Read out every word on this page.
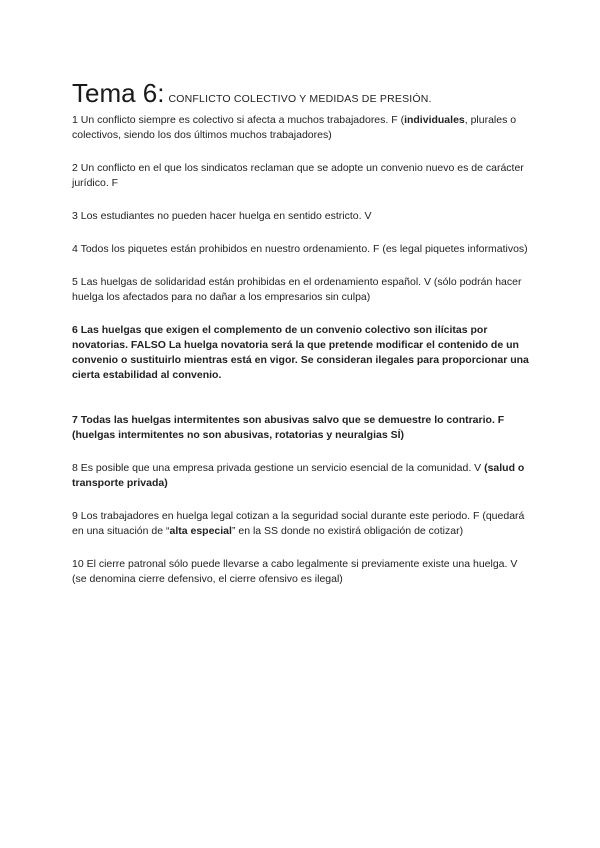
Tema 6: CONFLICTO COLECTIVO Y MEDIDAS DE PRESIÓN.

1 Un conflicto siempre es colectivo si afecta a muchos trabajadores. F (individuales, plurales o colectivos, siendo los dos últimos muchos trabajadores)

2 Un conflicto en el que los sindicatos reclaman que se adopte un convenio nuevo es de carácter jurídico. F

3 Los estudiantes no pueden hacer huelga en sentido estricto. V

4 Todos los piquetes están prohibidos en nuestro ordenamiento. F (es legal piquetes informativos)

5 Las huelgas de solidaridad están prohibidas en el ordenamiento español. V (sólo podrán hacer huelga los afectados para no dañar a los empresarios sin culpa)

6 Las huelgas que exigen el complemento de un convenio colectivo son ilícitas por novatorias. FALSO La huelga novatoria será la que pretende modificar el contenido de un convenio o sustituirlo mientras está en vigor. Se consideran ilegales para proporcionar una cierta estabilidad al convenio.

7 Todas las huelgas intermitentes son abusivas salvo que se demuestre lo contrario. F (huelgas intermitentes no son abusivas, rotatorias y neuralgias SÍ)

8 Es posible que una empresa privada gestione un servicio esencial de la comunidad. V (salud o transporte privada)

9 Los trabajadores en huelga legal cotizan a la seguridad social durante este periodo. F (quedará en una situación de “alta especial” en la SS donde no existirá obligación de cotizar)

10 El cierre patronal sólo puede llevarse a cabo legalmente si previamente existe una huelga. V (se denomina cierre defensivo, el cierre ofensivo es ilegal)
